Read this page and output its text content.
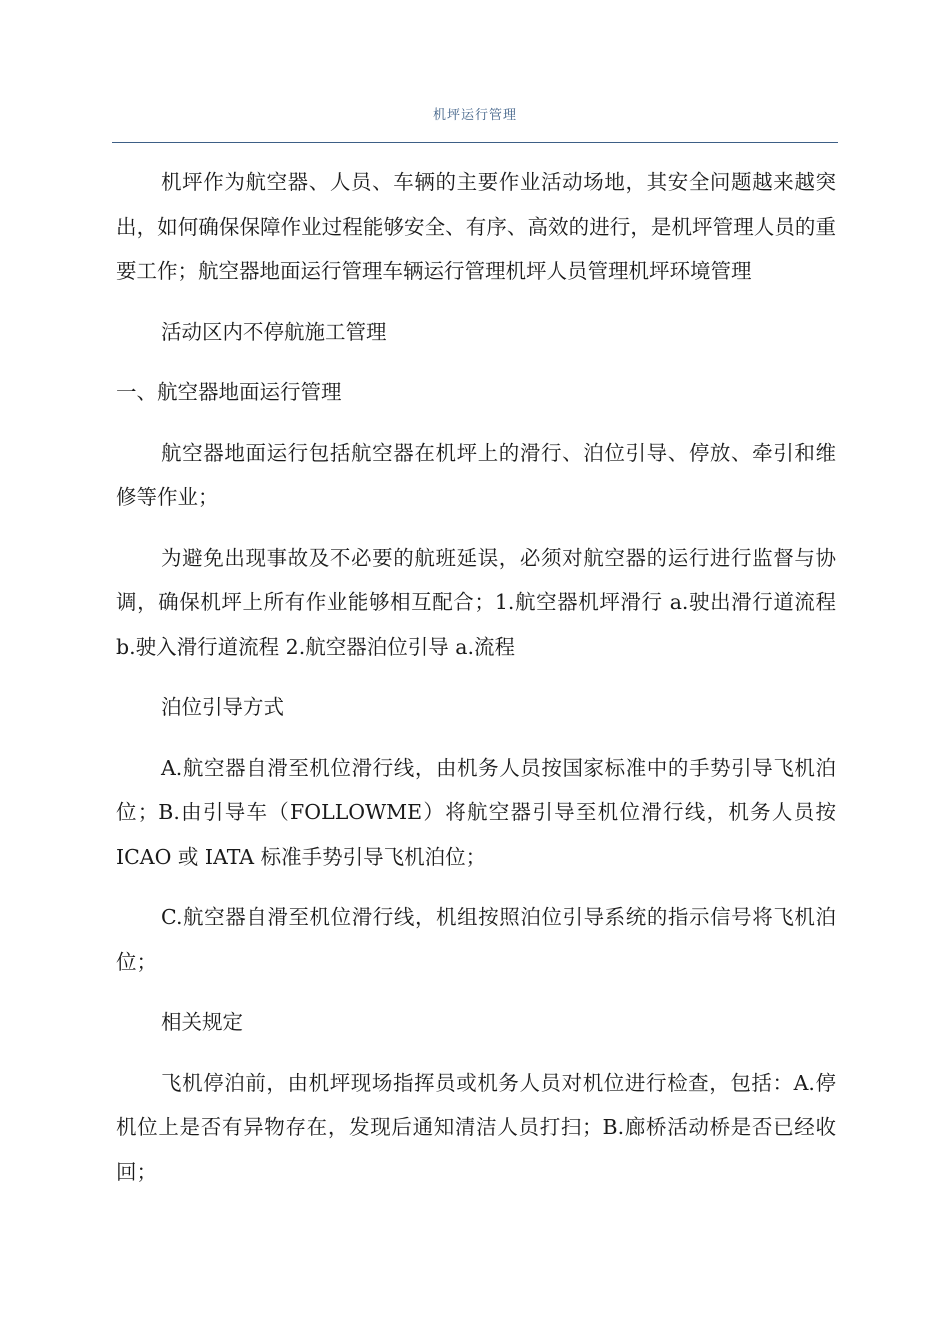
机坪运行管理

机坪作为航空器、人员、车辆的主要作业活动场地，其安全问题越来越突出，如何确保保障作业过程能够安全、有序、高效的进行，是机坪管理人员的重要工作；航空器地面运行管理车辆运行管理机坪人员管理机坪环境管理

活动区内不停航施工管理

一、航空器地面运行管理

航空器地面运行包括航空器在机坪上的滑行、泊位引导、停放、牵引和维修等作业；

为避免出现事故及不必要的航班延误，必须对航空器的运行进行监督与协调，确保机坪上所有作业能够相互配合；1.航空器机坪滑行 a.驶出滑行道流程 b.驶入滑行道流程 2.航空器泊位引导 a.流程

泊位引导方式

A.航空器自滑至机位滑行线，由机务人员按国家标准中的手势引导飞机泊位；B.由引导车（FOLLOWME）将航空器引导至机位滑行线，机务人员按 ICAO 或 IATA 标准手势引导飞机泊位；

C.航空器自滑至机位滑行线，机组按照泊位引导系统的指示信号将飞机泊位；

相关规定

飞机停泊前，由机坪现场指挥员或机务人员对机位进行检查，包括：A.停机位上是否有异物存在，发现后通知清洁人员打扫；B.廊桥活动桥是否已经收回；
